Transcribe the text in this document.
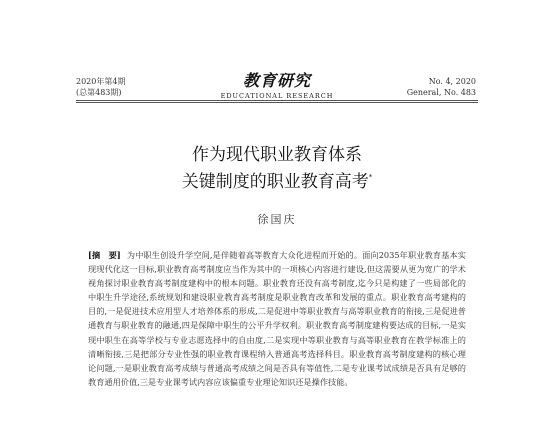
2020年第4期
(总第483期)
教育研究
EDUCATIONAL RESEARCH
No. 4, 2020
General, No. 483
作为现代职业教育体系
关键制度的职业教育高考*
徐国庆
[摘　要] 为中职生创设升学空间,是伴随着高等教育大众化进程而开始的。面向2035年职业教育基本实现现代化这一目标,职业教育高考制度应当作为其中的一项核心内容进行建设,但这需要从更为宽广的学术视角探讨职业教育高考制度建构中的根本问题。职业教育还没有高考制度,迄今只是构建了一些局部化的中职生升学途径,系统规划和建设职业教育高考制度是职业教育改革和发展的重点。职业教育高考建构的目的,一是促进技术应用型人才培养体系的形成,二是促进中等职业教育与高等职业教育的衔接,三是促进普通教育与职业教育的融通,四是保障中职生的公平升学权利。职业教育高考制度建构要达成的目标,一是实现中职生在高等学校与专业志愿选择中的自由度,二是实现中等职业教育与高等职业教育在教学标准上的清晰衔接,三是把部分专业性强的职业教育课程纳入普通高考选择科目。职业教育高考制度建构的核心理论问题,一是职业教育高考成绩与普通高考成绩之间是否具有等值性,二是专业课考试成绩是否具有足够的教育通用价值,三是专业课考试内容应该偏重专业理论知识还是操作技能。
